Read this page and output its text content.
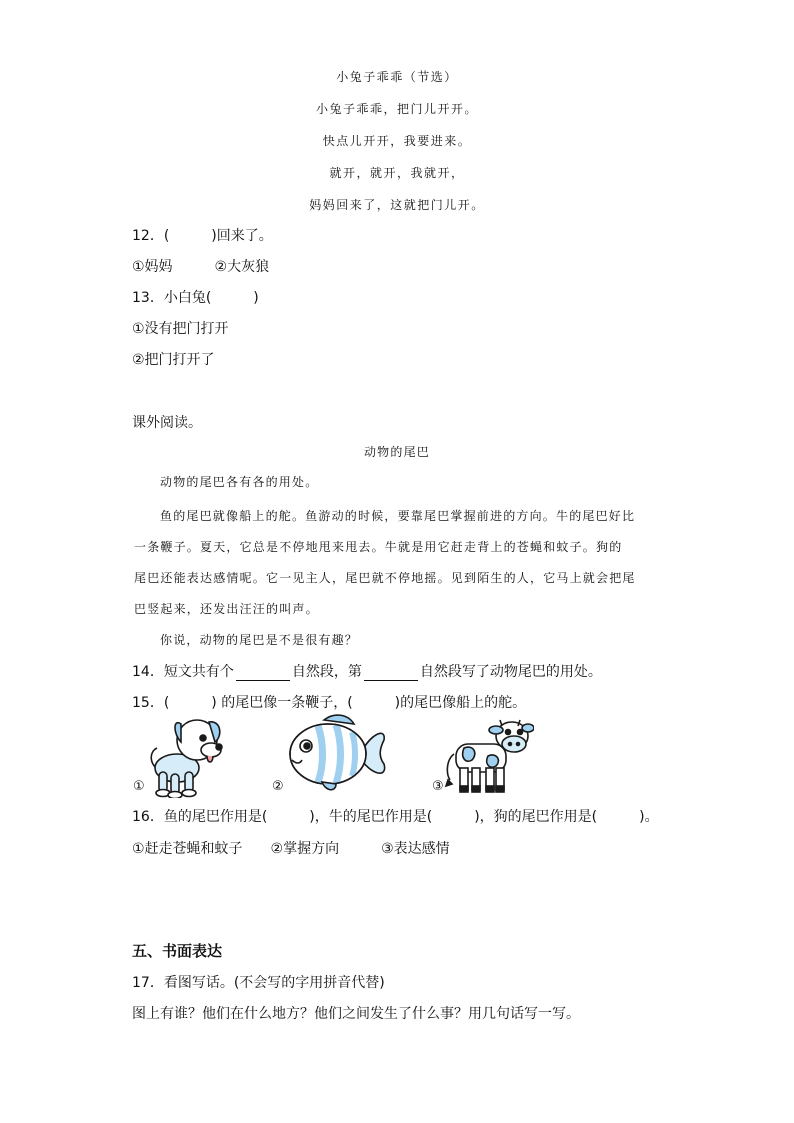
小兔子乖乖（节选）
小兔子乖乖，把门儿开开。
快点儿开开，我要进来。
就开，就开，我就开，
妈妈回来了，这就把门儿开。
12．(　　　)回来了。
①妈妈　　　②大灰狼
13．小白兔(　　　)
①没有把门打开
②把门打开了
课外阅读。
动物的尾巴
动物的尾巴各有各的用处。
鱼的尾巴就像船上的舵。鱼游动的时候，要靠尾巴掌握前进的方向。牛的尾巴好比
一条鞭子。夏天，它总是不停地甩来甩去。牛就是用它赶走背上的苍蝇和蚊子。狗的
尾巴还能表达感情呢。它一见主人，尾巴就不停地摇。见到陌生的人，它马上就会把尾
巴竖起来，还发出汪汪的叫声。
你说，动物的尾巴是不是很有趣？
14．短文共有个	自然段，第	自然段写了动物尾巴的用处。
15．(　　　) 的尾巴像一条鞭子，(　　　)的尾巴像船上的舵。
①	②	③
16．鱼的尾巴作用是(　　　)，牛的尾巴作用是(　　　)，狗的尾巴作用是(　　　)。
①赶走苍蝇和蚊子　　②掌握方向　　　③表达感情
五、书面表达
17．看图写话。(不会写的字用拼音代替)
图上有谁？他们在什么地方？他们之间发生了什么事？用几句话写一写。
